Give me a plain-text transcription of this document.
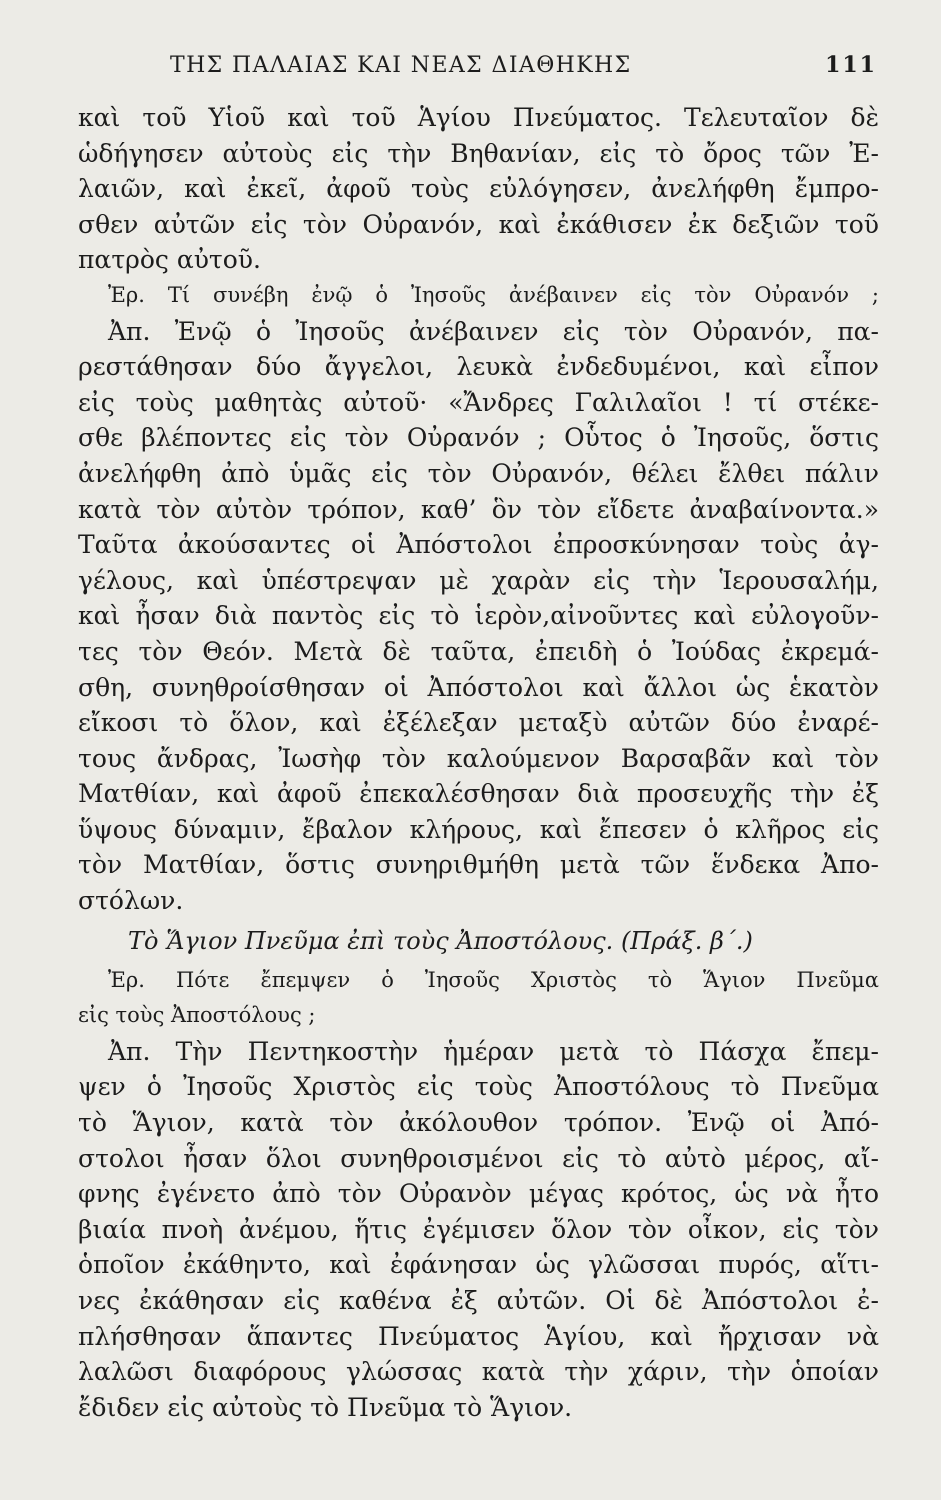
ΤΗΣ ΠΑΛΑΙΑΣ ΚΑΙ ΝΕΑΣ ΔΙΑΘΗΚΗΣ	111
καὶ τοῦ Υἱοῦ καὶ τοῦ Ἁγίου Πνεύματος. Τελευταῖον δὲ
ὡδήγησεν αὐτοὺς εἰς τὴν Βηθανίαν, εἰς τὸ ὄρος τῶν Ἐ-
λαιῶν, καὶ ἐκεῖ, ἀφοῦ τοὺς εὐλόγησεν, ἀνελήφθη ἔμπρο-
σθεν αὐτῶν εἰς τὸν Οὐρανόν, καὶ ἐκάθισεν ἐκ δεξιῶν τοῦ
πατρὸς αὐτοῦ.
Ἐρ. Τί συνέβη ἐνῷ ὁ Ἰησοῦς ἀνέβαινεν εἰς τὸν Οὐρανόν ;
Ἀπ. Ἐνῷ ὁ Ἰησοῦς ἀνέβαινεν εἰς τὸν Οὐρανόν, πα-
ρεστάθησαν δύο ἄγγελοι, λευκὰ ἐνδεδυμένοι, καὶ εἶπον
εἰς τοὺς μαθητὰς αὐτοῦ· «Ἄνδρες Γαλιλαῖοι ! τί στέκε-
σθε βλέποντες εἰς τὸν Οὐρανόν ; Οὗτος ὁ Ἰησοῦς, ὅστις
ἀνελήφθη ἀπὸ ὑμᾶς εἰς τὸν Οὐρανόν, θέλει ἔλθει πάλιν
κατὰ τὸν αὐτὸν τρόπον, καθ’ ὃν τὸν εἴδετε ἀναβαίνοντα.»
Ταῦτα ἀκούσαντες οἱ Ἀπόστολοι ἐπροσκύνησαν τοὺς ἀγ-
γέλους, καὶ ὑπέστρεψαν μὲ χαρὰν εἰς τὴν Ἱερουσαλήμ,
καὶ ἦσαν διὰ παντὸς εἰς τὸ ἱερὸν,αἰνοῦντες καὶ εὐλογοῦν-
τες τὸν Θεόν. Μετὰ δὲ ταῦτα, ἐπειδὴ ὁ Ἰούδας ἐκρεμά-
σθη, συνηθροίσθησαν οἱ Ἀπόστολοι καὶ ἄλλοι ὡς ἑκατὸν
εἴκοσι τὸ ὅλον, καὶ ἐξέλεξαν μεταξὺ αὐτῶν δύο ἐναρέ-
τους ἄνδρας, Ἰωσὴφ τὸν καλούμενον Βαρσαβᾶν καὶ τὸν
Ματθίαν, καὶ ἀφοῦ ἐπεκαλέσθησαν διὰ προσευχῆς τὴν ἐξ
ὕψους δύναμιν, ἔβαλον κλήρους, καὶ ἔπεσεν ὁ κλῆρος εἰς
τὸν Ματθίαν, ὅστις συνηριθμήθη μετὰ τῶν ἕνδεκα Ἀπο-
στόλων.
Τὸ Ἅγιον Πνεῦμα ἐπὶ τοὺς Ἀποστόλους. (Πράξ. β΄.)
Ἐρ. Πότε ἔπεμψεν ὁ Ἰησοῦς Χριστὸς τὸ Ἅγιον Πνεῦμα
εἰς τοὺς Ἀποστόλους ;
Ἀπ. Τὴν Πεντηκοστὴν ἡμέραν μετὰ τὸ Πάσχα ἔπεμ-
ψεν ὁ Ἰησοῦς Χριστὸς εἰς τοὺς Ἀποστόλους τὸ Πνεῦμα
τὸ Ἅγιον, κατὰ τὸν ἀκόλουθον τρόπον. Ἐνῷ οἱ Ἀπό-
στολοι ἦσαν ὅλοι συνηθροισμένοι εἰς τὸ αὐτὸ μέρος, αἴ-
φνης ἐγένετο ἀπὸ τὸν Οὐρανὸν μέγας κρότος, ὡς νὰ ἦτο
βιαία πνοὴ ἀνέμου, ἥτις ἐγέμισεν ὅλον τὸν οἶκον, εἰς τὸν
ὁποῖον ἐκάθηντο, καὶ ἐφάνησαν ὡς γλῶσσαι πυρός, αἵτι-
νες ἐκάθησαν εἰς καθένα ἐξ αὐτῶν. Οἱ δὲ Ἀπόστολοι ἐ-
πλήσθησαν ἅπαντες Πνεύματος Ἁγίου, καὶ ἤρχισαν νὰ
λαλῶσι διαφόρους γλώσσας κατὰ τὴν χάριν, τὴν ὁποίαν
ἔδιδεν εἰς αὐτοὺς τὸ Πνεῦμα τὸ Ἅγιον.
